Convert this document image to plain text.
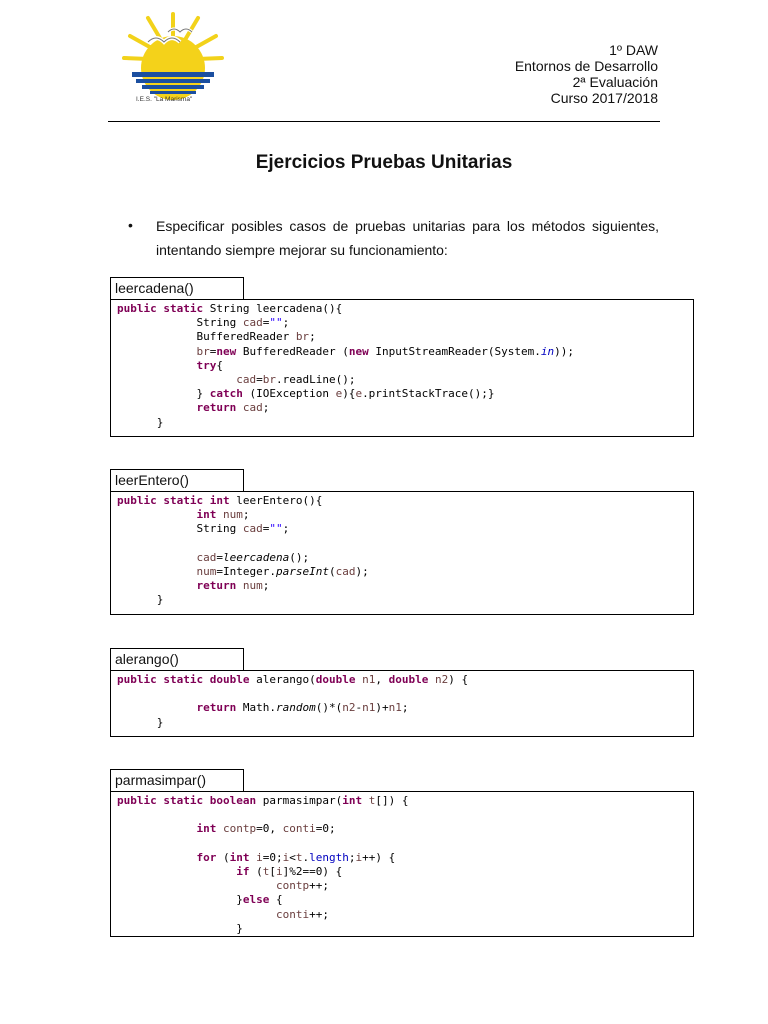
I.E.S. "La Marisma"
1º DAW
Entornos de Desarrollo
2ª Evaluación
Curso 2017/2018
Ejercicios Pruebas Unitarias
• Especificar posibles casos de pruebas unitarias para los métodos siguientes, intentando siempre mejorar su funcionamiento:
leercadena()
public static String leercadena(){
String cad="";
BufferedReader br;
br=new BufferedReader (new InputStreamReader(System.in));
try{
cad=br.readLine();
} catch (IOException e){e.printStackTrace();}
return cad;
}
leerEntero()
public static int leerEntero(){
int num;
String cad="";

cad=leercadena();
num=Integer.parseInt(cad);
return num;
}
alerango()
public static double alerango(double n1, double n2) {

return Math.random()*(n2-n1)+n1;
}
parmasimpar()
public static boolean parmasimpar(int t[]) {

int contp=0, conti=0;

for (int i=0;i<t.length;i++) {
if (t[i]%2==0) {
contp++;
}else {
conti++;
}
